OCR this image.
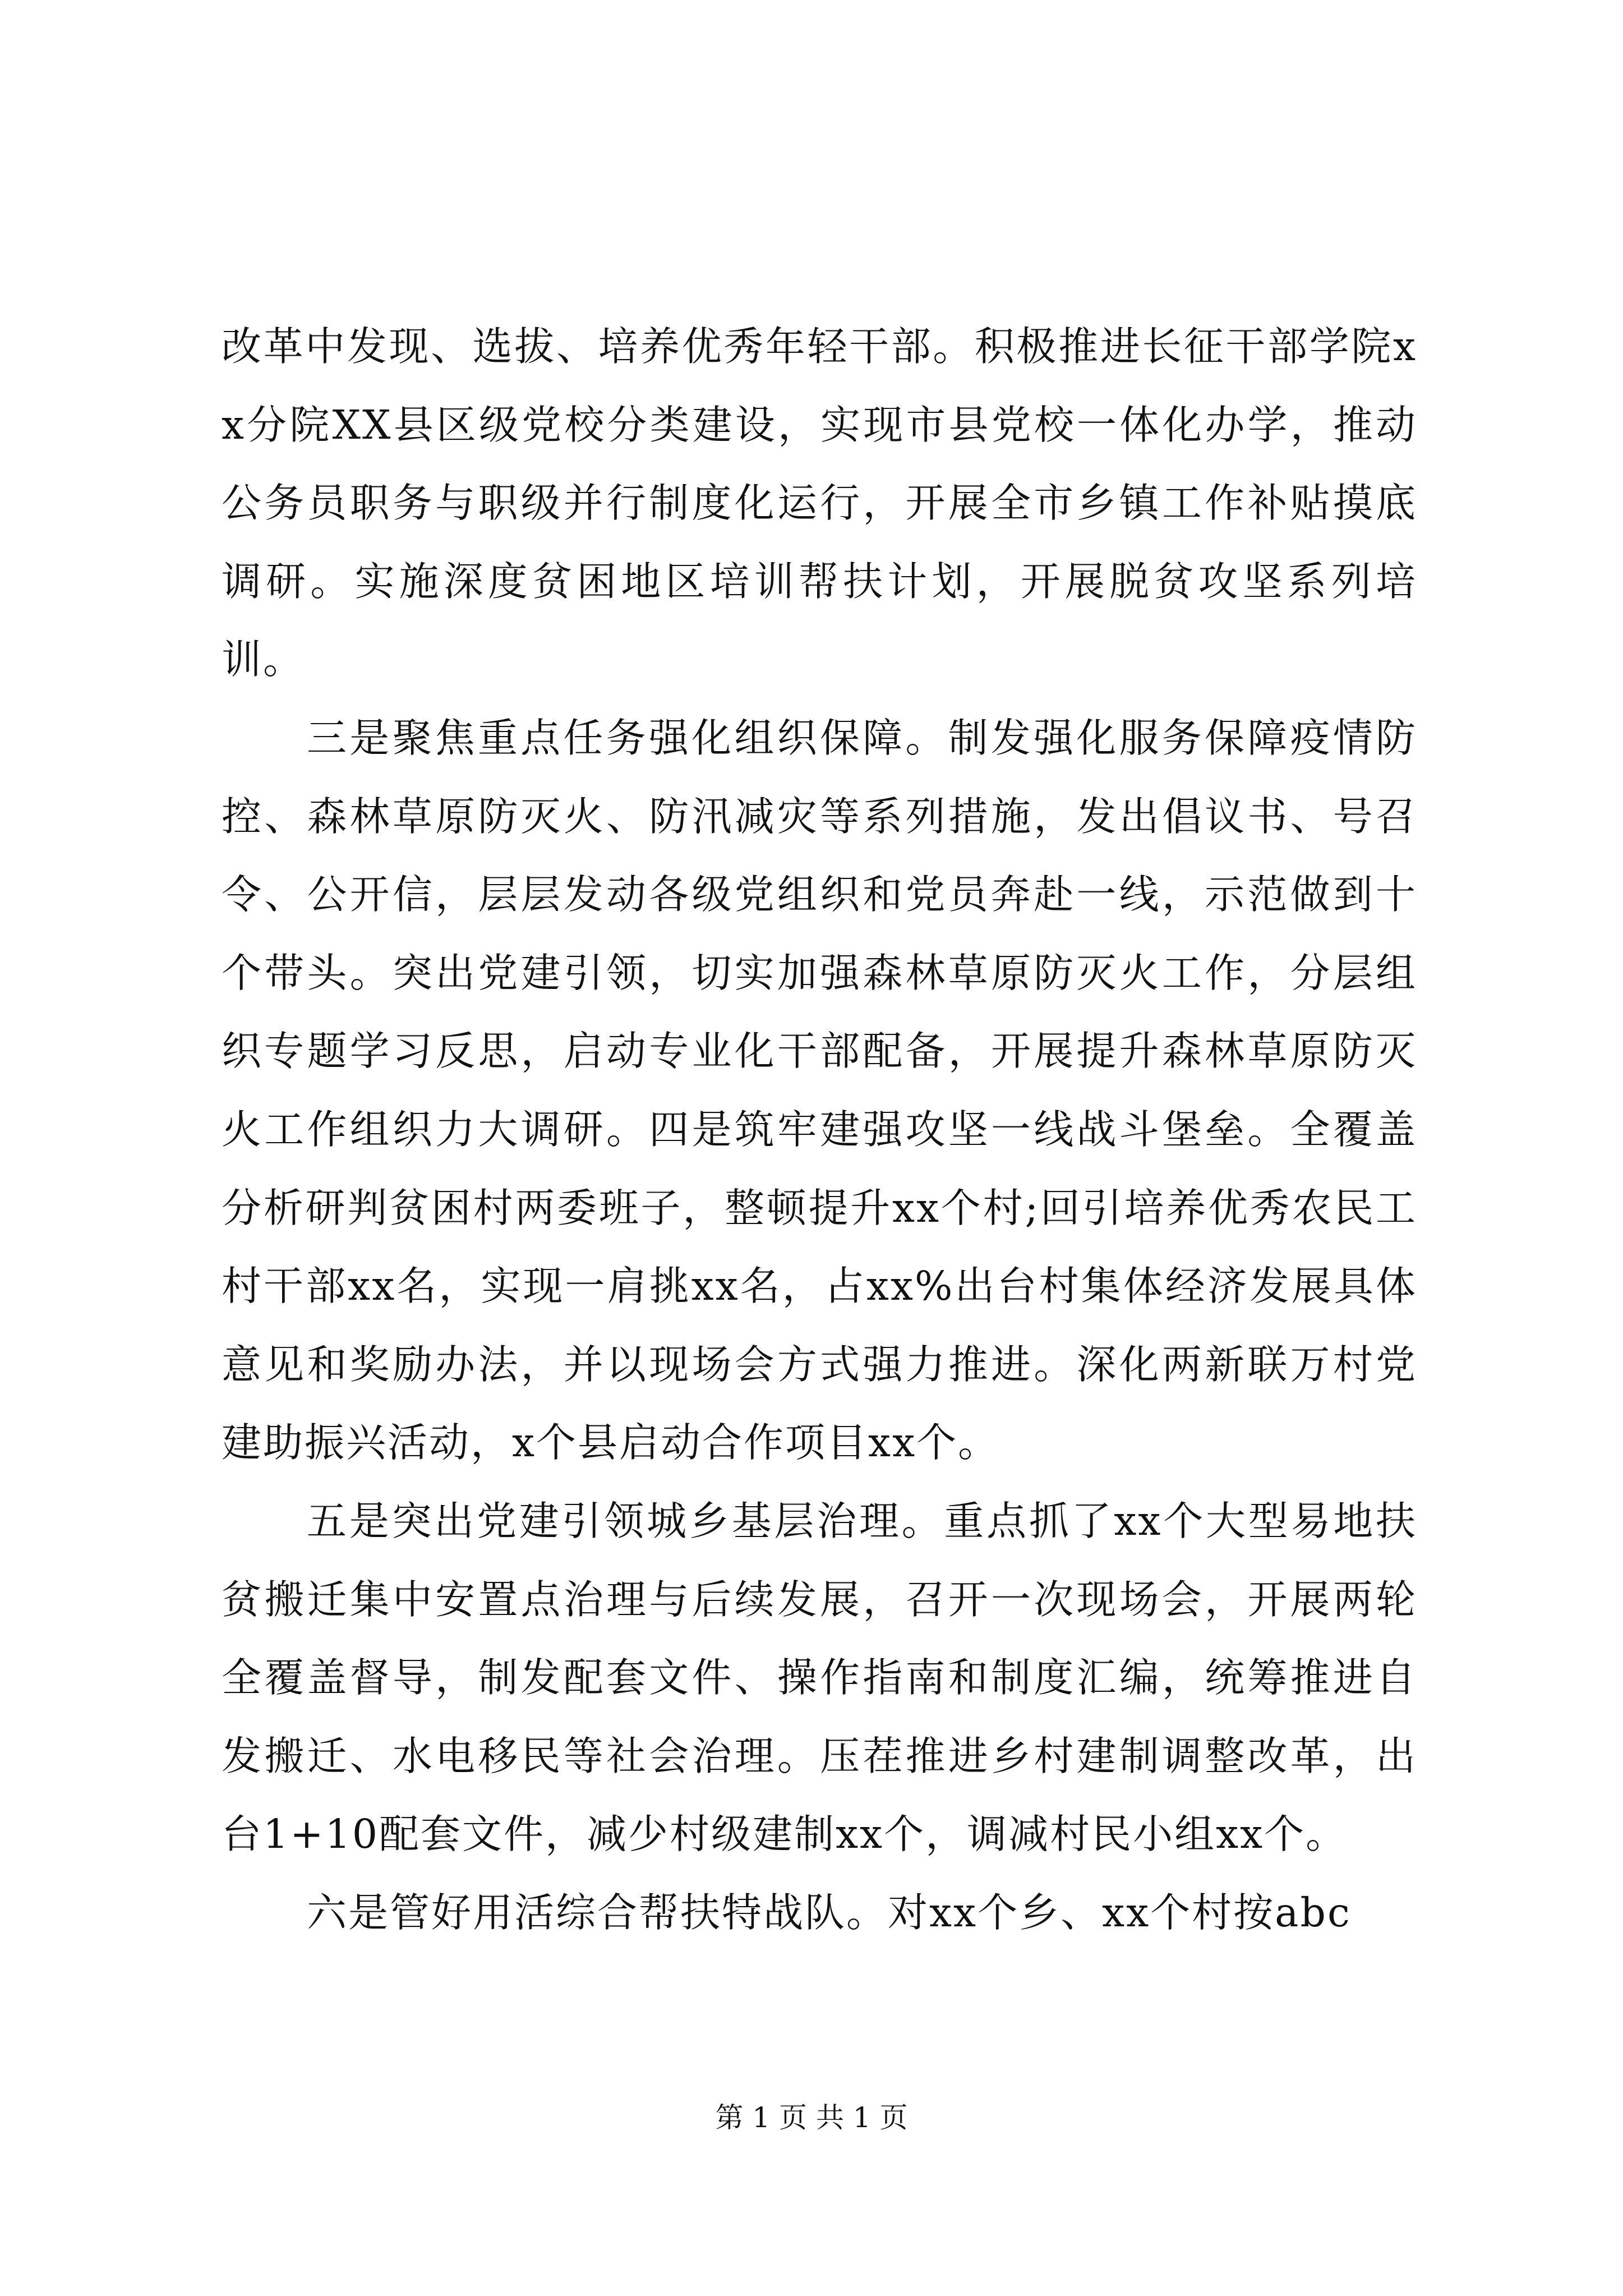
改革中发现、选拔、培养优秀年轻干部。积极推进长征干部学院xx分院XX县区级党校分类建设，实现市县党校一体化办学，推动公务员职务与职级并行制度化运行，开展全市乡镇工作补贴摸底调研。实施深度贫困地区培训帮扶计划，开展脱贫攻坚系列培训。

三是聚焦重点任务强化组织保障。制发强化服务保障疫情防控、森林草原防灭火、防汛减灾等系列措施，发出倡议书、号召令、公开信，层层发动各级党组织和党员奔赴一线，示范做到十个带头。突出党建引领，切实加强森林草原防灭火工作，分层组织专题学习反思，启动专业化干部配备，开展提升森林草原防灭火工作组织力大调研。四是筑牢建强攻坚一线战斗堡垒。全覆盖分析研判贫困村两委班子，整顿提升xx个村;回引培养优秀农民工村干部xx名，实现一肩挑xx名，占xx%出台村集体经济发展具体意见和奖励办法，并以现场会方式强力推进。深化两新联万村党建助振兴活动，x个县启动合作项目xx个。

五是突出党建引领城乡基层治理。重点抓了xx个大型易地扶贫搬迁集中安置点治理与后续发展，召开一次现场会，开展两轮全覆盖督导，制发配套文件、操作指南和制度汇编，统筹推进自发搬迁、水电移民等社会治理。压茬推进乡村建制调整改革，出台1+10配套文件，减少村级建制xx个，调减村民小组xx个。

六是管好用活综合帮扶特战队。对xx个乡、xx个村按abc

第 1 页 共 1 页
